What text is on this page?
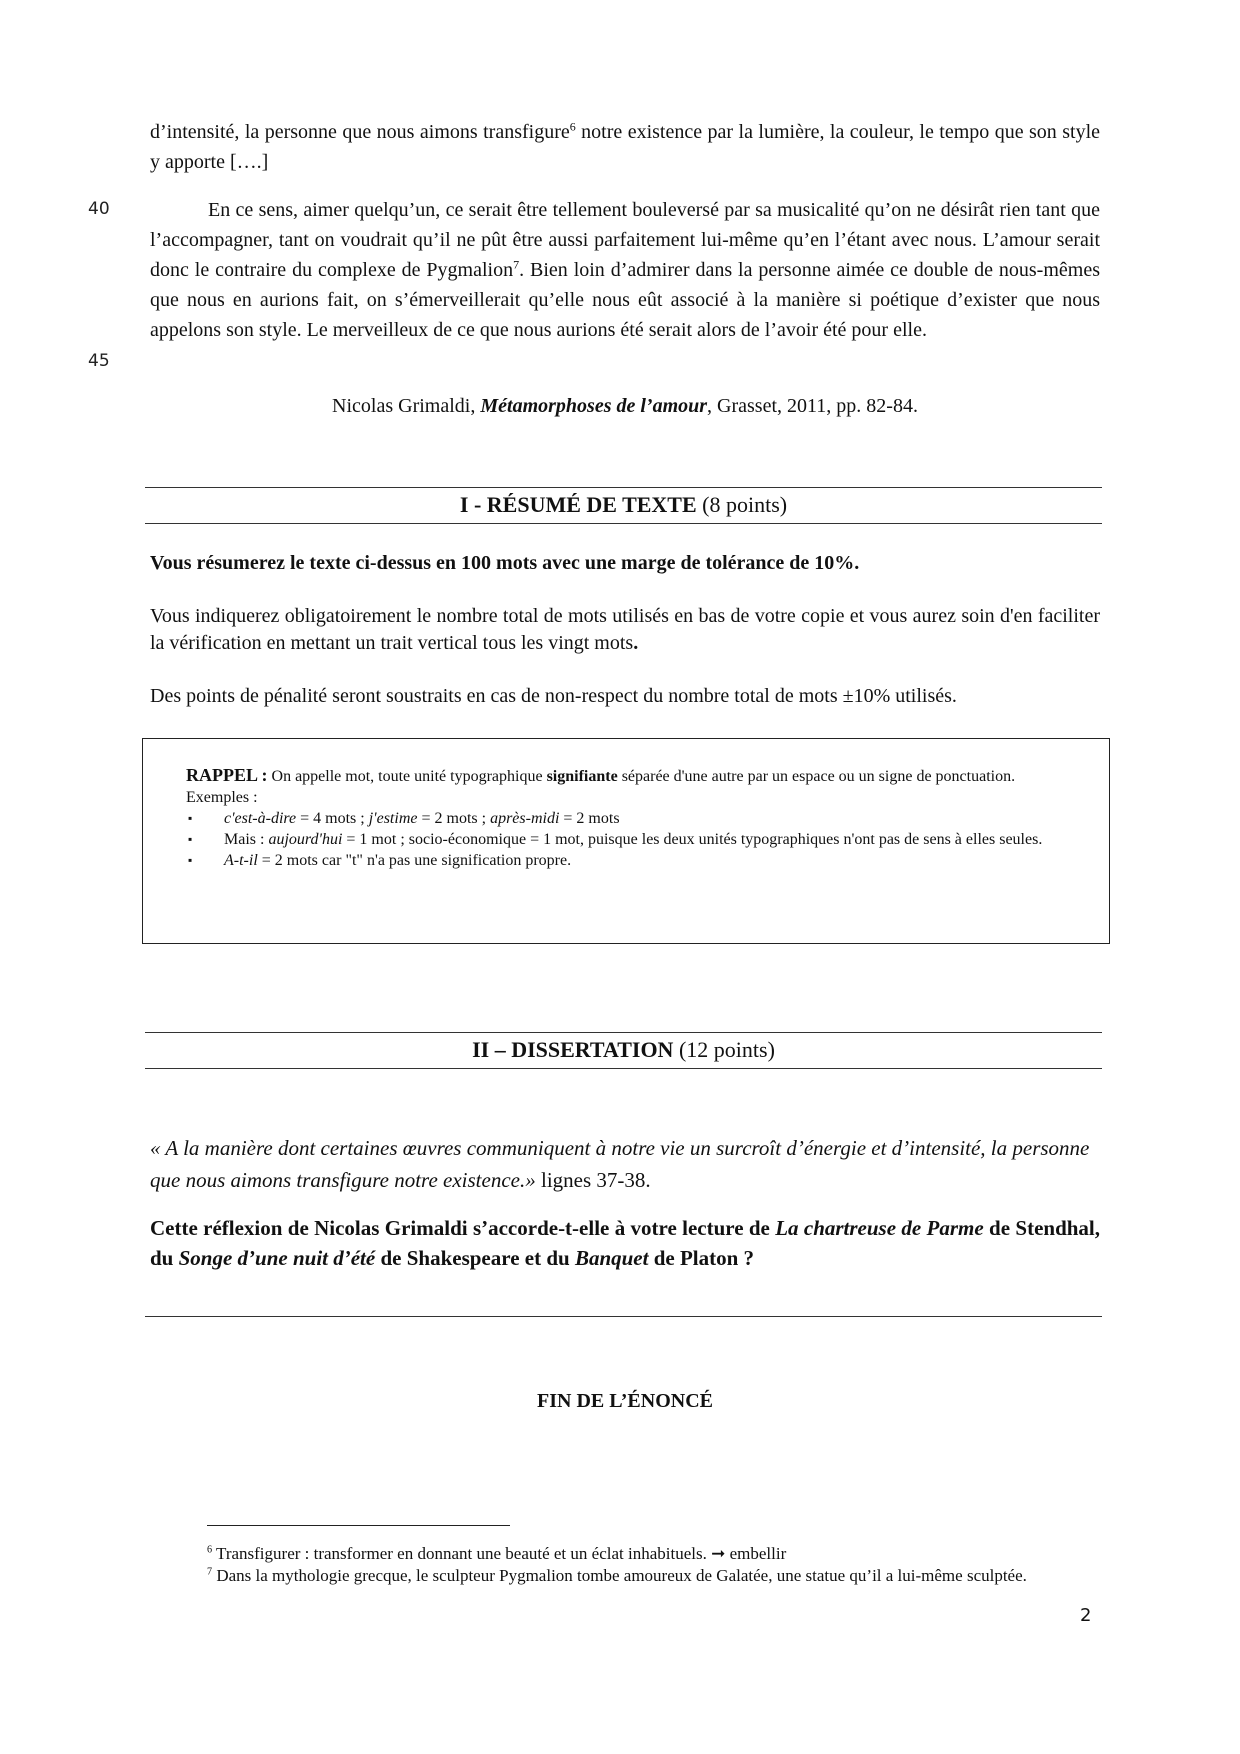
d’intensité, la personne que nous aimons transfigure$^6$ notre existence par la lumière, la couleur, le tempo que son style y apporte [….]
40
45
En ce sens, aimer quelqu’un, ce serait être tellement bouleversé par sa musicalité qu’on ne désirât rien tant que l’accompagner, tant on voudrait qu’il ne pût être aussi parfaitement lui-même qu’en l’étant avec nous. L’amour serait donc le contraire du complexe de Pygmalion$^7$. Bien loin d’admirer dans la personne aimée ce double de nous-mêmes que nous en aurions fait, on s’émerveillerait qu’elle nous eût associé à la manière si poétique d’exister que nous appelons son style. Le merveilleux de ce que nous aurions été serait alors de l’avoir été pour elle.
Nicolas Grimaldi, Métamorphoses de l’amour, Grasset, 2011, pp. 82-84.
I - RÉSUMÉ DE TEXTE (8 points)
Vous résumerez le texte ci-dessus en 100 mots avec une marge de tolérance de 10%.
Vous indiquerez obligatoirement le nombre total de mots utilisés en bas de votre copie et vous aurez soin d'en faciliter la vérification en mettant un trait vertical tous les vingt mots.
Des points de pénalité seront soustraits en cas de non-respect du nombre total de mots ±10% utilisés.
RAPPEL : On appelle mot, toute unité typographique signifiante séparée d'une autre par un espace ou un signe de ponctuation.
Exemples :
▪ c'est-à-dire = 4 mots ; j'estime = 2 mots ; après-midi = 2 mots
▪ Mais : aujourd'hui = 1 mot ; socio-économique = 1 mot, puisque les deux unités typographiques n'ont pas de sens à elles seules.
▪ A-t-il = 2 mots car "t" n'a pas une signification propre.
II – DISSERTATION (12 points)
« A la manière dont certaines œuvres communiquent à notre vie un surcroît d’énergie et d’intensité, la personne que nous aimons transfigure notre existence.» lignes 37-38.
Cette réflexion de Nicolas Grimaldi s’accorde-t-elle à votre lecture de La chartreuse de Parme de Stendhal, du Songe d’une nuit d’été de Shakespeare et du Banquet de Platon ?
FIN DE L’ÉNONCÉ
$^6$ Transfigurer : transformer en donnant une beauté et un éclat inhabituels. ➞ embellir
$^7$ Dans la mythologie grecque, le sculpteur Pygmalion tombe amoureux de Galatée, une statue qu’il a lui-même sculptée.
2
